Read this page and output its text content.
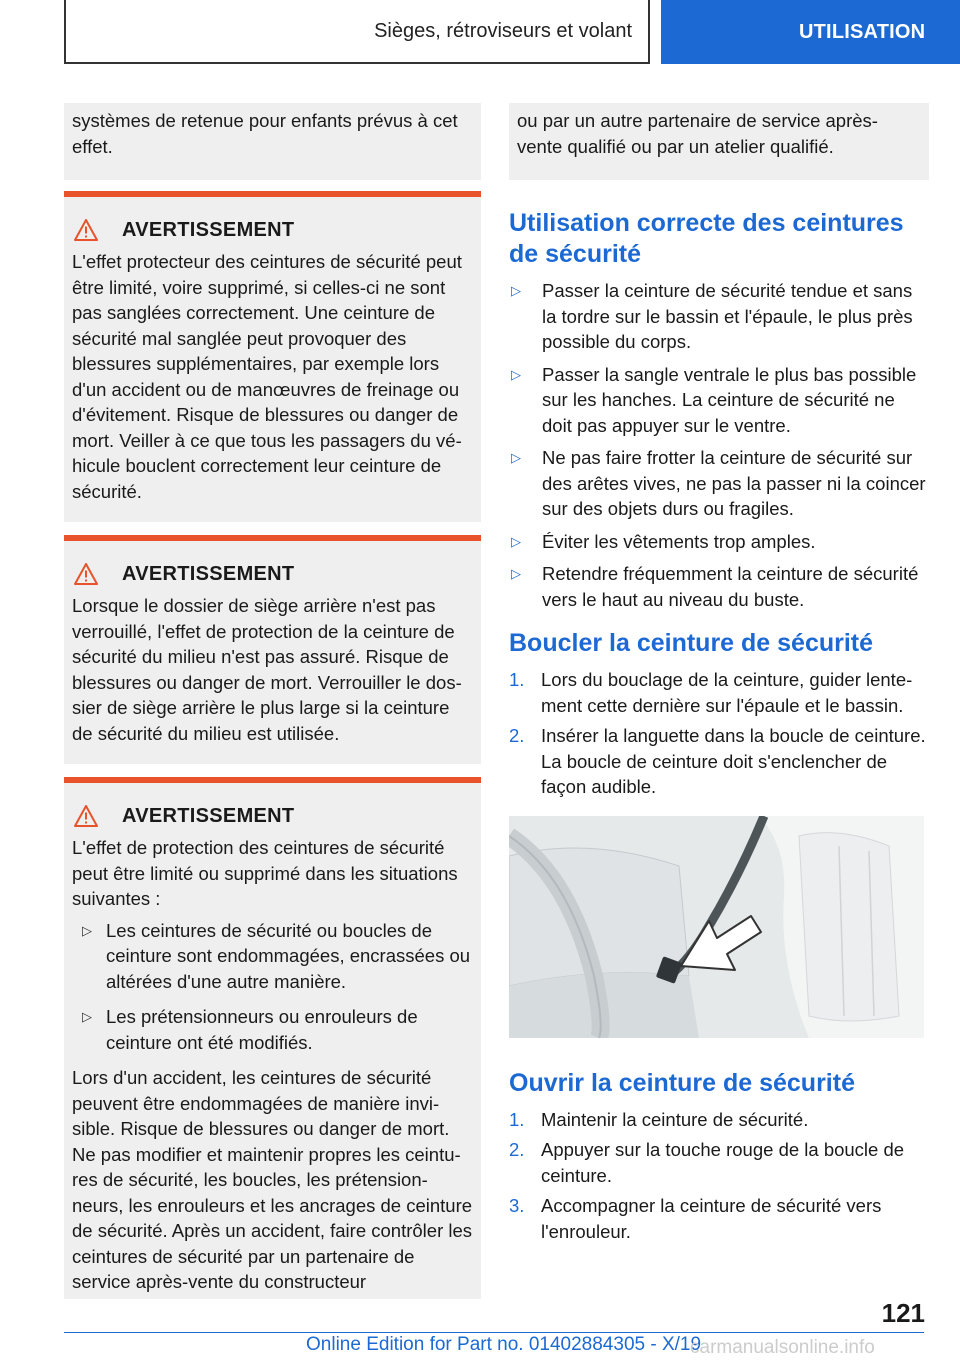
Sièges, rétroviseurs et volant	UTILISATION

systèmes de retenue pour enfants prévus à cet effet.

AVERTISSEMENT

L'effet protecteur des ceintures de sécurité peut être limité, voire supprimé, si celles-ci ne sont pas sanglées correctement. Une ceinture de sécurité mal sanglée peut provoquer des blessures supplémentaires, par exemple lors d'un accident ou de manœuvres de freinage ou d'évitement. Risque de blessures ou danger de mort. Veiller à ce que tous les passagers du véhicule bouclent correctement leur ceinture de sécurité.

AVERTISSEMENT

Lorsque le dossier de siège arrière n'est pas verrouillé, l'effet de protection de la ceinture de sécurité du milieu n'est pas assuré. Risque de blessures ou danger de mort. Verrouiller le dossier de siège arrière le plus large si la ceinture de sécurité du milieu est utilisée.

AVERTISSEMENT

L'effet de protection des ceintures de sécurité peut être limité ou supprimé dans les situations suivantes :

▷ Les ceintures de sécurité ou boucles de ceinture sont endommagées, encrassées ou altérées d'une autre manière.
▷ Les prétensionneurs ou enrouleurs de ceinture ont été modifiés.

Lors d'un accident, les ceintures de sécurité peuvent être endommagées de manière invisible. Risque de blessures ou danger de mort. Ne pas modifier et maintenir propres les ceintures de sécurité, les boucles, les prétensionneurs, les enrouleurs et les ancrages de ceinture de sécurité. Après un accident, faire contrôler les ceintures de sécurité par un partenaire de service après-vente du constructeur

ou par un autre partenaire de service après-vente qualifié ou par un atelier qualifié.

Utilisation correcte des ceintures de sécurité
▷	Passer la ceinture de sécurité tendue et sans la tordre sur le bassin et l'épaule, le plus près possible du corps.
▷	Passer la sangle ventrale le plus bas possible sur les hanches. La ceinture de sécurité ne doit pas appuyer sur le ventre.
▷	Ne pas faire frotter la ceinture de sécurité sur des arêtes vives, ne pas la passer ni la coincer sur des objets durs ou fragiles.
▷	Éviter les vêtements trop amples.
▷	Retendre fréquemment la ceinture de sécurité vers le haut au niveau du buste.
Boucler la ceinture de sécurité
1. Lors du bouclage de la ceinture, guider lentement cette dernière sur l'épaule et le bassin.
2. Insérer la languette dans la boucle de ceinture. La boucle de ceinture doit s'enclencher de façon audible.
Ouvrir la ceinture de sécurité
1. Maintenir la ceinture de sécurité.
2. Appuyer sur la touche rouge de la boucle de ceinture.
3. Accompagner la ceinture de sécurité vers l'enrouleur.
121
Online Edition for Part no. 01402884305 - X/19
carmanualsonline.info
